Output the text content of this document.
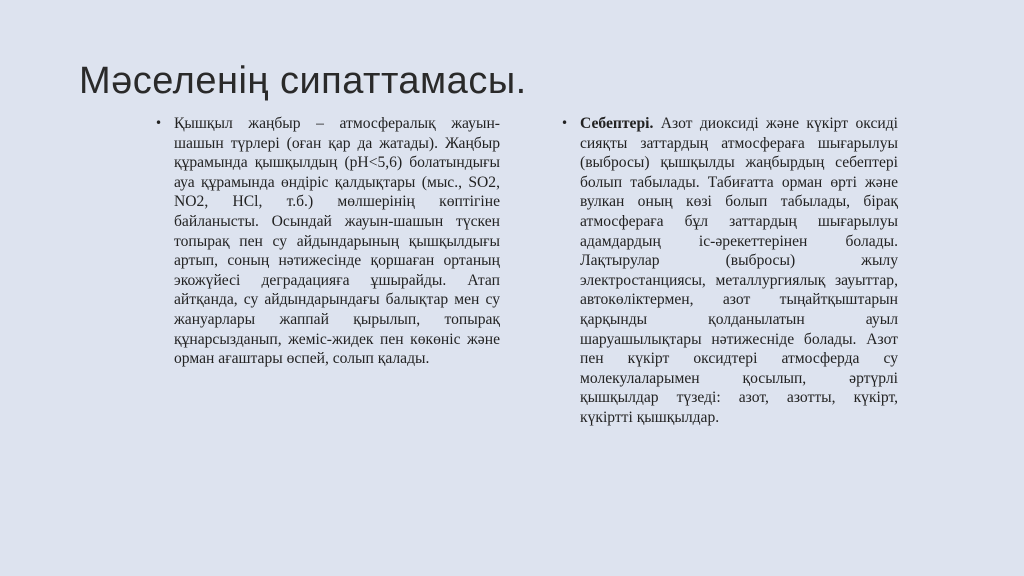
Мәселенің сипаттамасы.

• Қышқыл жаңбыр – атмосфералық жауын-шашын түрлері (оған қар да жатады). Жаңбыр құрамында қышқылдың (pH<5,6) болатындығы ауа құрамында өндіріс қалдықтары (мыс., SO2, NO2, HCl, т.б.) мөлшерінің көптігіне байланысты. Осындай жауын-шашын түскен топырақ пен су айдындарының қышқылдығы артып, соның нәтижесінде қоршаған ортаның экожүйесі деградацияға ұшырайды. Атап айтқанда, су айдындарындағы балықтар мен су жануарлары жаппай қырылып, топырақ құнарсызданып, жеміс-жидек пен көкөніс және орман ағаштары өспей, солып қалады.

• Себептері. Азот диоксиді және күкірт оксиді сияқты заттардың атмосфераға шығарылуы (выбросы) қышқылды жаңбырдың себептері болып табылады. Табиғатта орман өрті және вулкан оның көзі болып табылады, бірақ атмосфераға бұл заттардың шығарылуы адамдардың іс-әрекеттерінен болады. Лақтырулар (выбросы) жылу электростанциясы, металлургиялық зауыттар, автокөліктермен, азот тыңайтқыштарын қарқынды қолданылатын ауыл шаруашылықтары нәтижесніде болады. Азот пен күкірт оксидтері атмосферда су молекулаларымен қосылып, әртүрлі қышқылдар түзеді: азот, азотты, күкірт, күкіртті қышқылдар.
